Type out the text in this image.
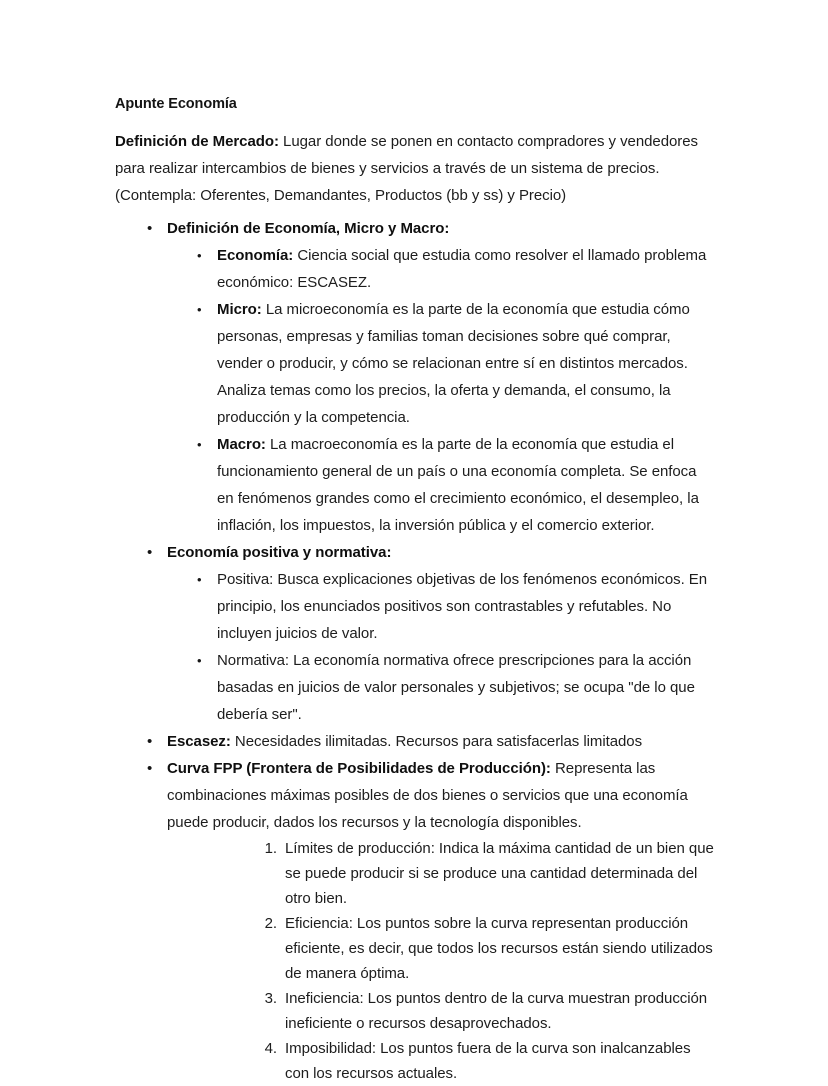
Apunte Economía

Definición de Mercado: Lugar donde se ponen en contacto compradores y vendedores para realizar intercambios de bienes y servicios a través de un sistema de precios. (Contempla: Oferentes, Demandantes, Productos (bb y ss) y Precio)

•
Definición de Economía, Micro y Macro:
•
Economía: Ciencia social que estudia como resolver el llamado problema económico: ESCASEZ.
•
Micro: La microeconomía es la parte de la economía que estudia cómo personas, empresas y familias toman decisiones sobre qué comprar, vender o producir, y cómo se relacionan entre sí en distintos mercados. Analiza temas como los precios, la oferta y demanda, el consumo, la producción y la competencia.
•
Macro: La macroeconomía es la parte de la economía que estudia el funcionamiento general de un país o una economía completa. Se enfoca en fenómenos grandes como el crecimiento económico, el desempleo, la inflación, los impuestos, la inversión pública y el comercio exterior.
•
Economía positiva y normativa:
•
Positiva: Busca explicaciones objetivas de los fenómenos económicos. En principio, los enunciados positivos son contrastables y refutables. No incluyen juicios de valor.
•
Normativa: La economía normativa ofrece prescripciones para la acción basadas en juicios de valor personales y subjetivos; se ocupa "de lo que debería ser".
•
Escasez: Necesidades ilimitadas. Recursos para satisfacerlas limitados
•
Curva FPP (Frontera de Posibilidades de Producción): Representa las combinaciones máximas posibles de dos bienes o servicios que una economía puede producir, dados los recursos y la tecnología disponibles.
1 . Límites de producción: Indica la máxima cantidad de un bien que se puede producir si se produce una cantidad determinada del otro bien.
2 . Eficiencia: Los puntos sobre la curva representan producción eficiente, es decir, que todos los recursos están siendo utilizados de manera óptima.
3 . Ineficiencia: Los puntos dentro de la curva muestran producción ineficiente o recursos desaprovechados.
4 . Imposibilidad: Los puntos fuera de la curva son inalcanzables con los recursos actuales.
